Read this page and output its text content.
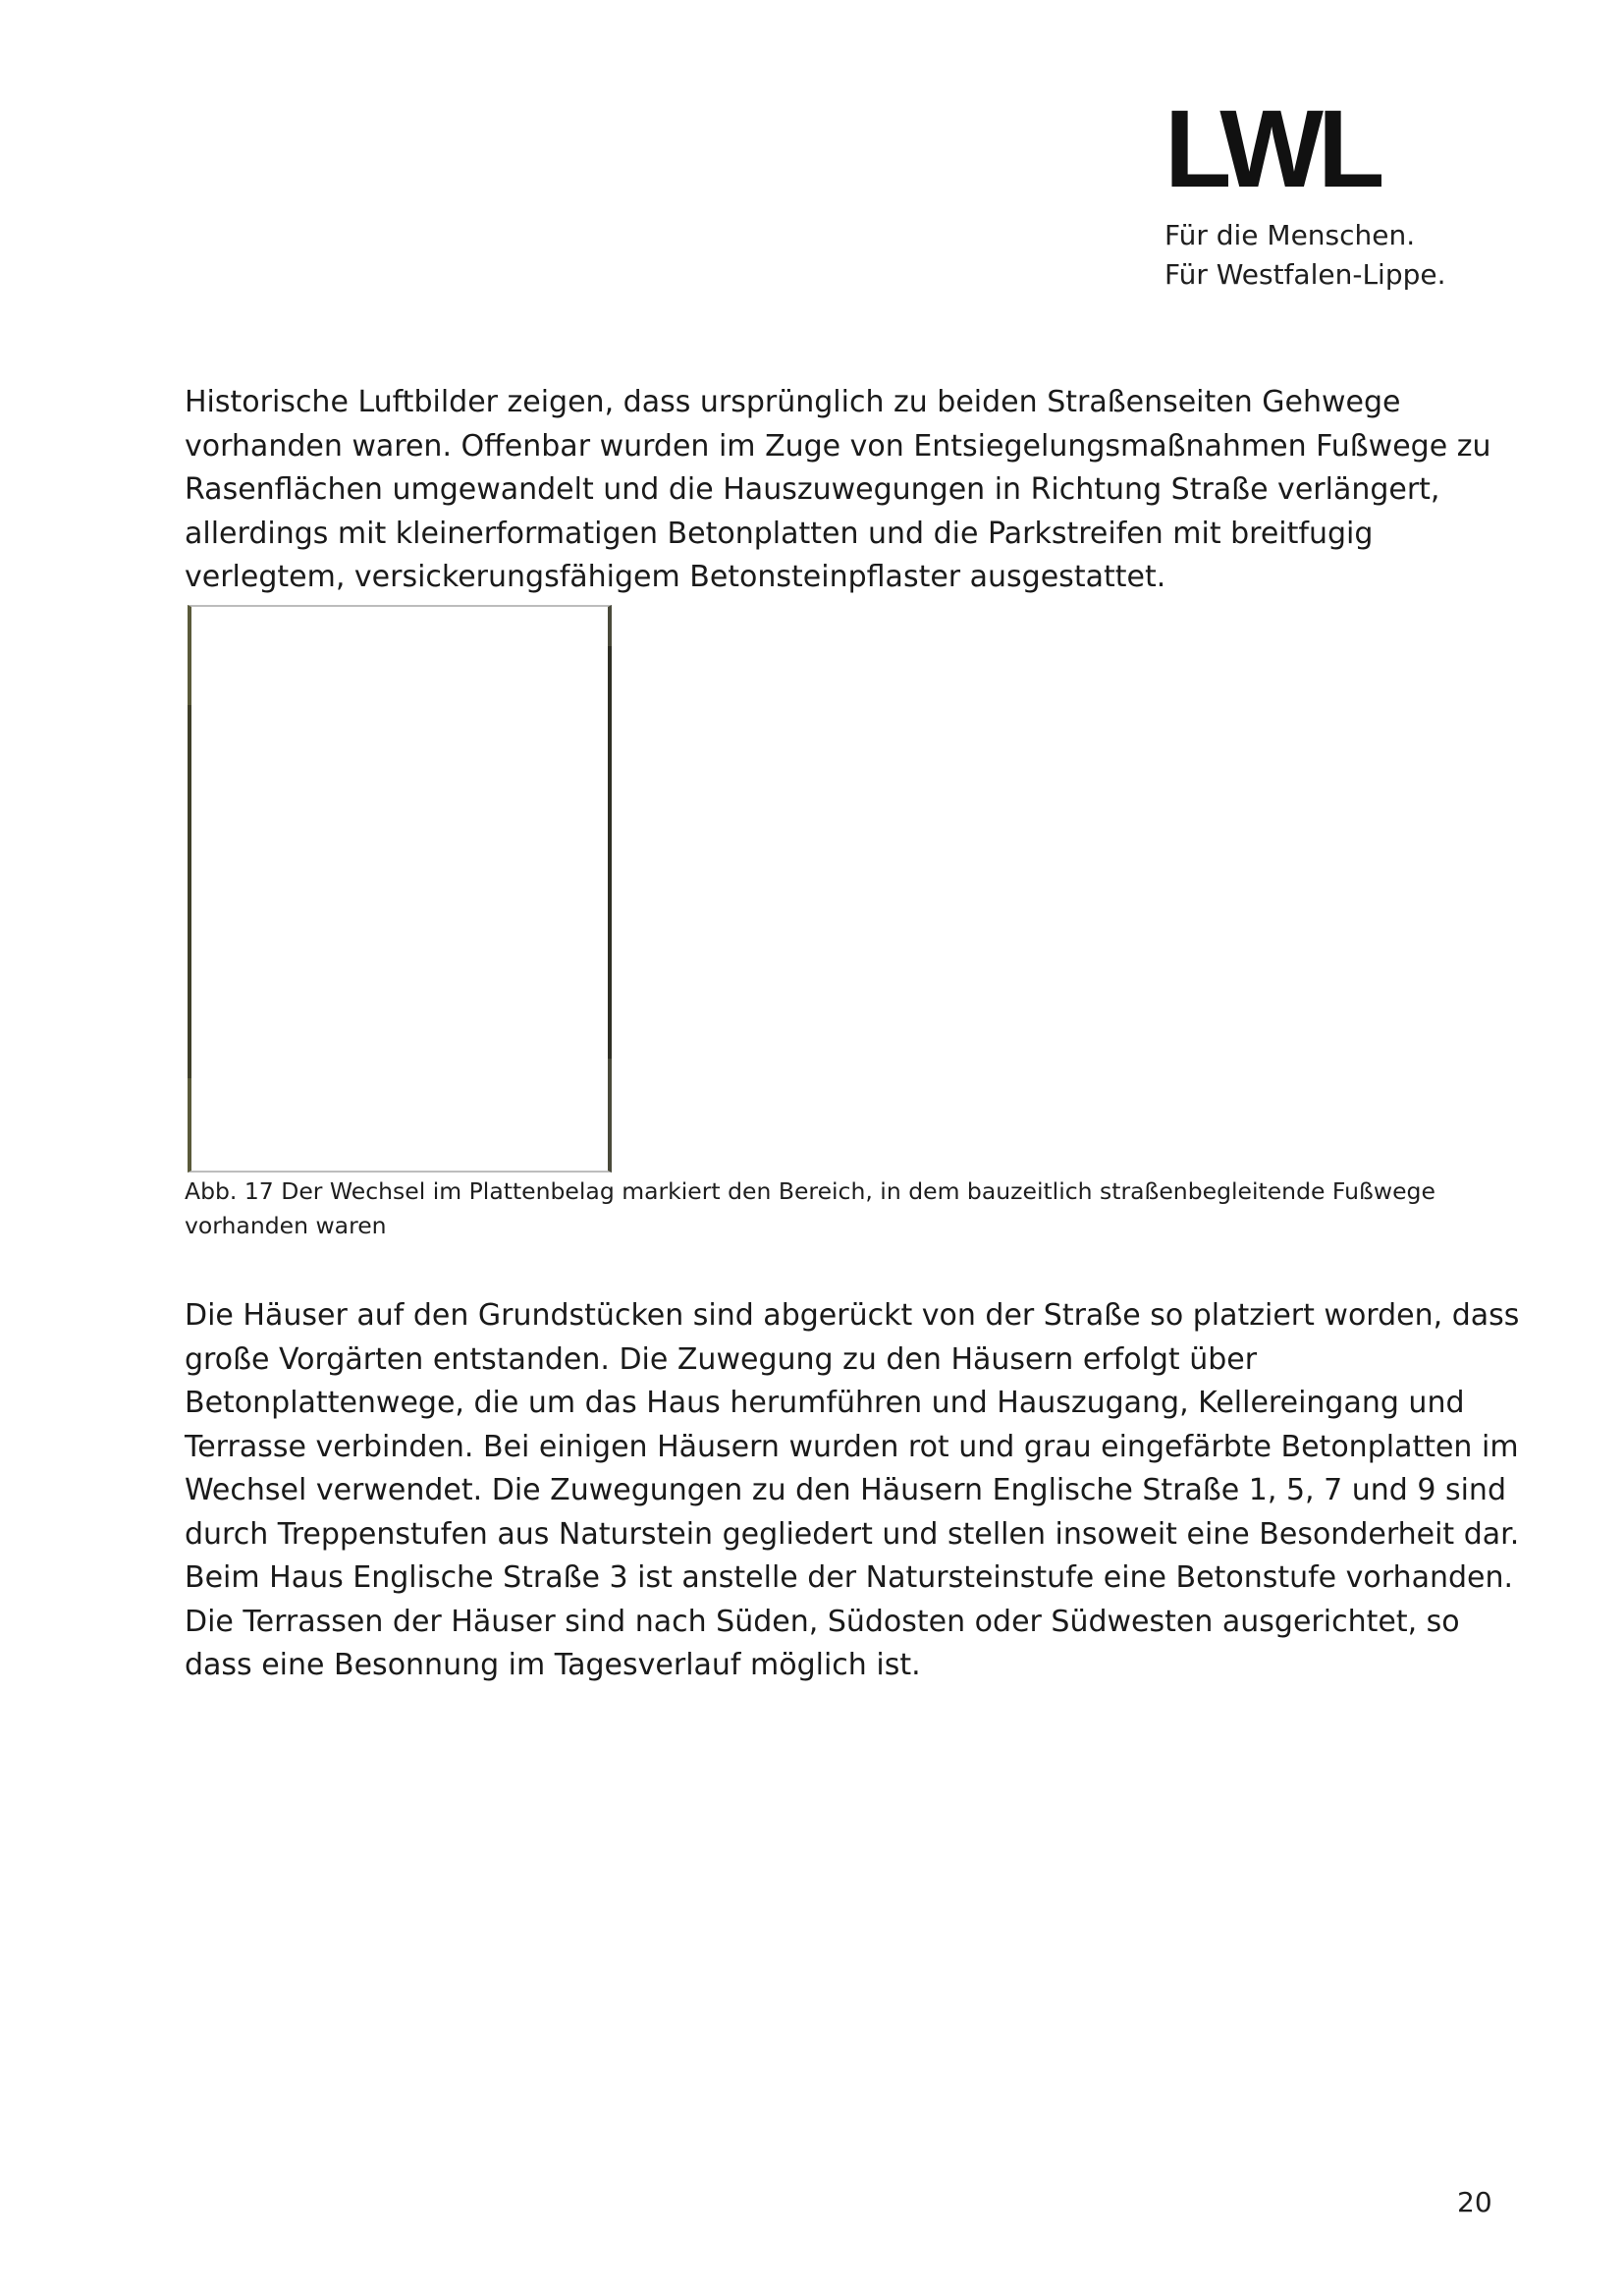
LWL
Für die Menschen.
Für Westfalen-Lippe.

Historische Luftbilder zeigen, dass ursprünglich zu beiden Straßenseiten Gehwege vorhanden waren. Offenbar wurden im Zuge von Entsiegelungsmaßnahmen Fußwege zu Rasenflächen umgewandelt und die Hauszuwegungen in Richtung Straße verlängert, allerdings mit kleinerformatigen Betonplatten und die Parkstreifen mit breitfugig verlegtem, versickerungsfähigem Betonsteinpflaster ausgestattet.

Abb. 17 Der Wechsel im Plattenbelag markiert den Bereich, in dem bauzeitlich straßenbegleitende Fußwege vorhanden waren

Die Häuser auf den Grundstücken sind abgerückt von der Straße so platziert worden, dass große Vorgärten entstanden. Die Zuwegung zu den Häusern erfolgt über Betonplattenwege, die um das Haus herumführen und Hauszugang, Kellereingang und Terrasse verbinden. Bei einigen Häusern wurden rot und grau eingefärbte Betonplatten im Wechsel verwendet. Die Zuwegungen zu den Häusern Englische Straße 1, 5, 7 und 9 sind durch Treppenstufen aus Naturstein gegliedert und stellen insoweit eine Besonderheit dar. Beim Haus Englische Straße 3 ist anstelle der Natursteinstufe eine Betonstufe vorhanden. Die Terrassen der Häuser sind nach Süden, Südosten oder Südwesten ausgerichtet, so dass eine Besonnung im Tagesverlauf möglich ist.

20
